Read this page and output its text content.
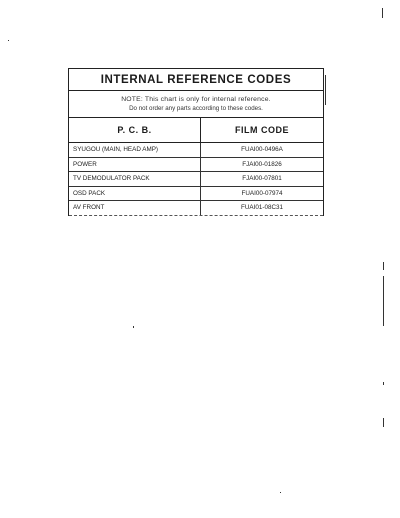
INTERNAL REFERENCE CODES
NOTE: This chart is only for internal reference.
Do not order any parts according to these codes.
P. C. B.	FILM CODE
SYUGOU (MAIN, HEAD AMP)	FUAI00-0496A
POWER	FJAI00-01826
TV DEMODULATOR PACK	FJAI00-07801
OSD PACK	FUAI00-07974
AV FRONT	FUAI01-08C31
